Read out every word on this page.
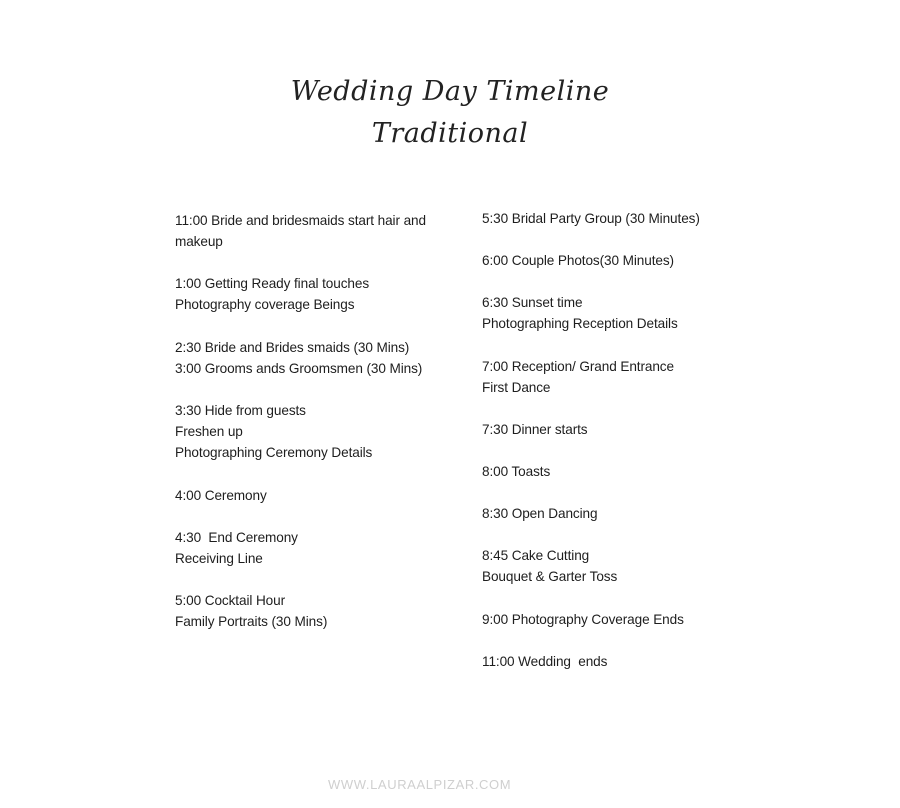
Wedding Day Timeline
Traditional
11:00 Bride and bridesmaids start hair and makeup
1:00 Getting Ready final touches
Photography coverage Beings
2:30 Bride and Brides smaids (30 Mins)
3:00 Grooms ands Groomsmen (30 Mins)
3:30 Hide from guests
Freshen up
Photographing Ceremony Details
4:00 Ceremony
4:30  End Ceremony
Receiving Line
5:00 Cocktail Hour
Family Portraits (30 Mins)
5:30 Bridal Party Group (30 Minutes)
6:00 Couple Photos(30 Minutes)
6:30 Sunset time
Photographing Reception Details
7:00 Reception/ Grand Entrance
First Dance
7:30 Dinner starts
8:00 Toasts
8:30 Open Dancing
8:45 Cake Cutting
Bouquet & Garter Toss
9:00 Photography Coverage Ends
11:00 Wedding  ends

WWW.LAURAALPIZAR.COM
